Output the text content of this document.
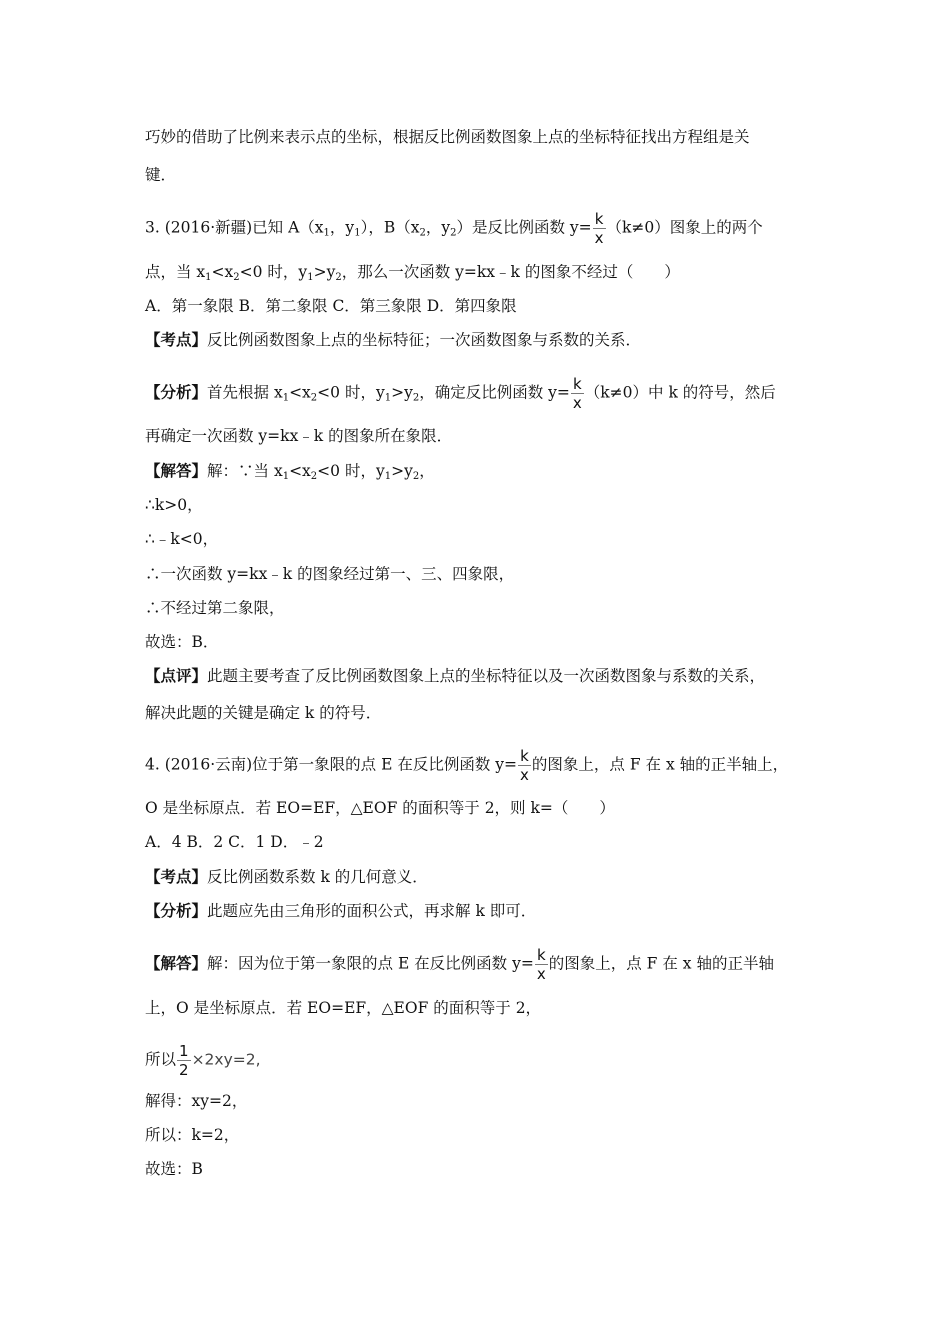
巧妙的借助了比例来表示点的坐标，根据反比例函数图象上点的坐标特征找出方程组是关
键．
3. (2016·新疆)已知 $A(x_1$，$y_1$），$B(x_2$，$y_2$）是反比例函数 $y= \frac{k}{x} (k\ne 0)$图象上的两个
点，当 $x_1<x_2<0$ 时，$y_1>y_2$，那么一次函数 y=kx﹣k 的图象不经过（　　）
A．第一象限 B．第二象限 C．第三象限 D．第四象限
【考点】反比例函数图象上点的坐标特征；一次函数图象与系数的关系．
【分析】首先根据 $x_1<x_2<0$ 时，$y_1>y_2$，确定反比例函数 $y= \frac{k}{x} (k\ne 0)$中 k 的符号，然后
再确定一次函数 y=kx﹣k 的图象所在象限．
【解答】解：∵当 $x_1<x_2<0$ 时，$y_1>y_2$，
∴k>0，
∴﹣k<0，
∴一次函数 y=kx﹣k 的图象经过第一、三、四象限，
∴不经过第二象限，
故选：B．
【点评】此题主要考查了反比例函数图象上点的坐标特征以及一次函数图象与系数的关系，
解决此题的关键是确定 k 的符号．
4. (2016·云南)位于第一象限的点 E 在反比例函数 $y= \frac{k}{x}$ 的图象上，点 F 在 x 轴的正半轴上，
O 是坐标原点．若 EO=EF，△EOF 的面积等于 2，则 k=（　　）
A．4 B．2 C．1 D．﹣2
【考点】反比例函数系数 k 的几何意义．
【分析】此题应先由三角形的面积公式，再求解 k 即可．
【解答】解：因为位于第一象限的点 E 在反比例函数 $y= \frac{k}{x}$ 的图象上，点 F 在 x 轴的正半轴
上，O 是坐标原点．若 EO=EF，△EOF 的面积等于 2，
所以 $\frac{1}{2} \times 2xy=2$,
解得：xy=2，
所以：k=2，
故选：B
